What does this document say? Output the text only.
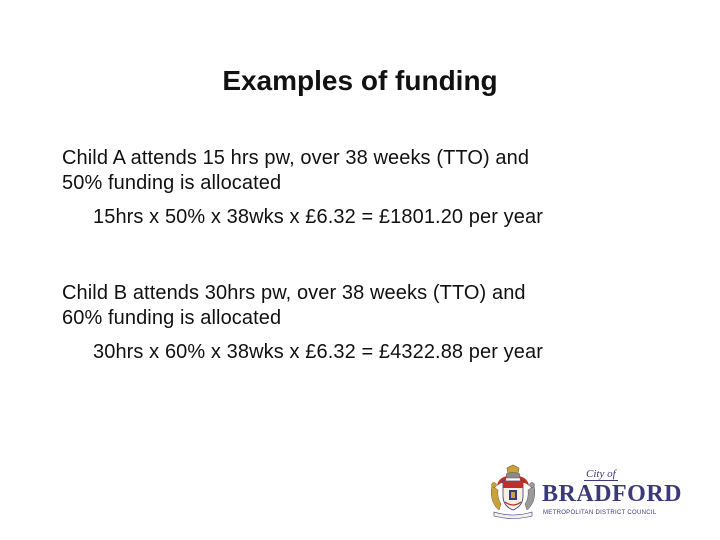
Examples of funding
Child A attends 15 hrs pw, over 38 weeks (TTO) and
50% funding is allocated
15hrs x 50% x 38wks x £6.32 = £1801.20 per year
Child B attends 30hrs pw, over 38 weeks (TTO) and
60% funding is allocated
30hrs x 60% x 38wks x £6.32 = £4322.88 per year
City of
BRADFORD
METROPOLITAN DISTRICT COUNCIL
